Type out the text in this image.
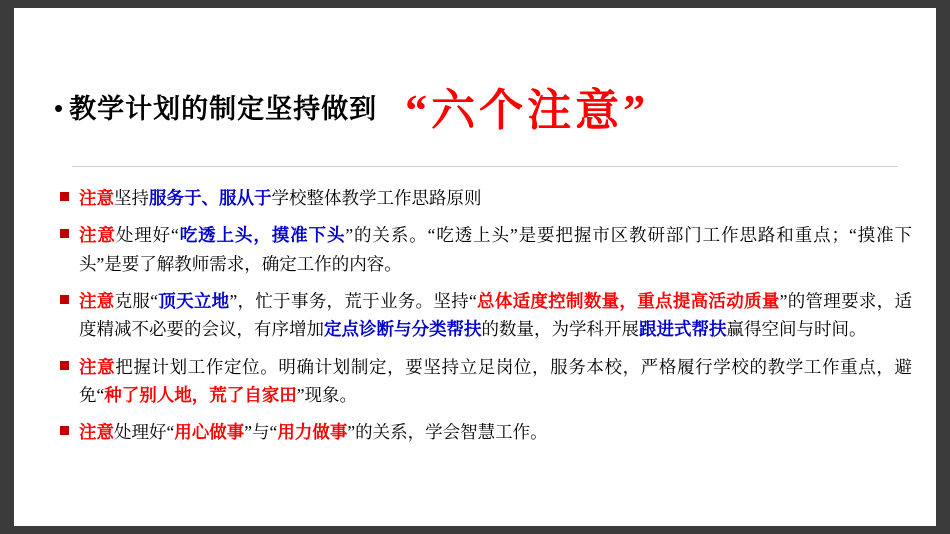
• 教学计划的制定坚持做到 “六个注意”
注意坚持服务于、服从于学校整体教学工作思路原则
注意处理好“吃透上头，摸准下头”的关系。“吃透上头”是要把握市区教研部门工作思路和重点；“摸准下头”是要了解教师需求，确定工作的内容。
注意克服“顶天立地”，忙于事务，荒于业务。坚持“总体适度控制数量，重点提高活动质量”的管理要求，适度精减不必要的会议，有序增加定点诊断与分类帮扶的数量，为学科开展跟进式帮扶赢得空间与时间。
注意把握计划工作定位。明确计划制定，要坚持立足岗位，服务本校，严格履行学校的教学工作重点，避免“种了别人地，荒了自家田”现象。
注意处理好“用心做事”与“用力做事”的关系，学会智慧工作。
